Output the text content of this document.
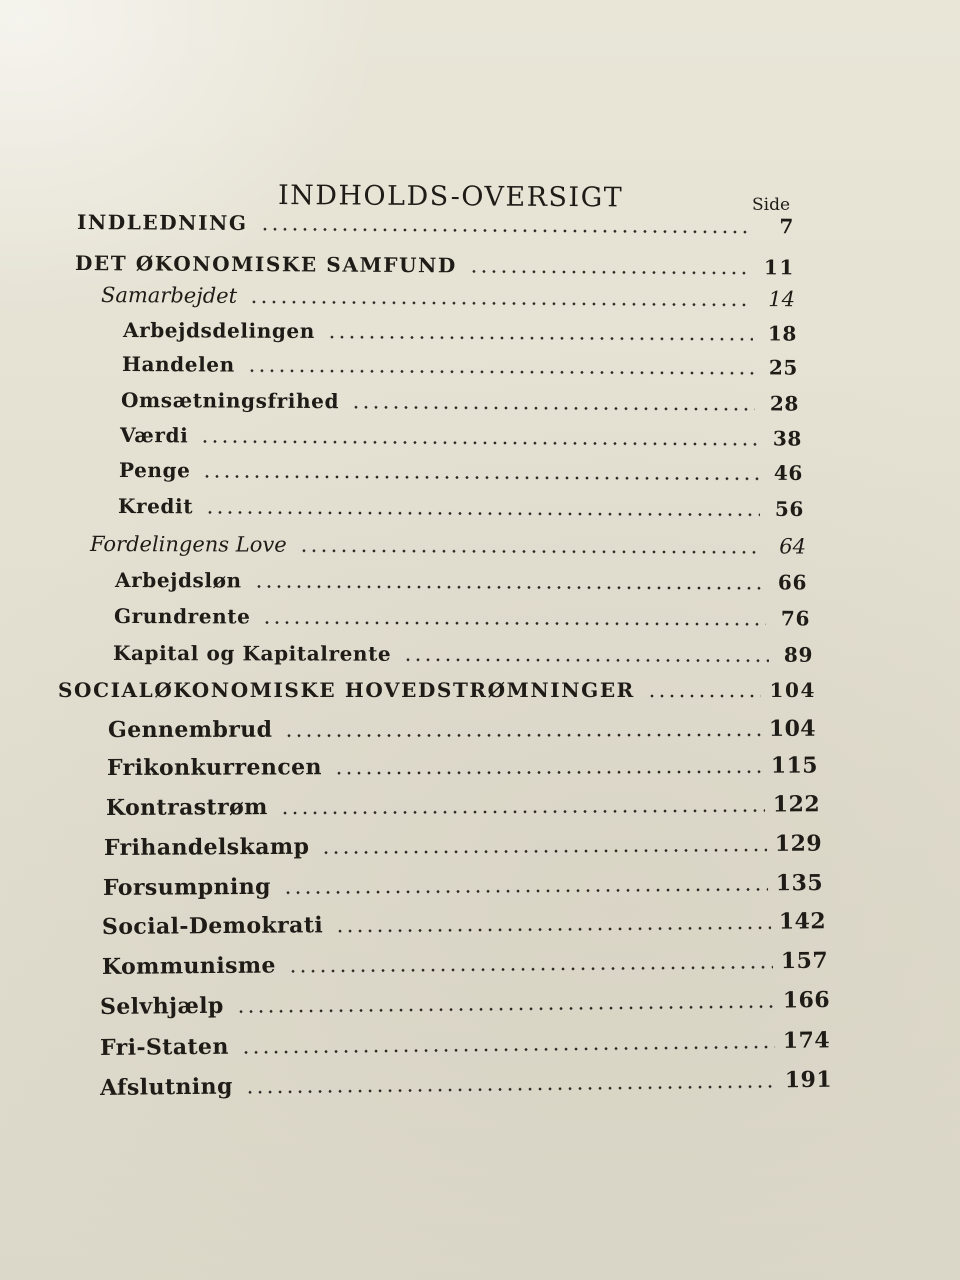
INDHOLDS-OVERSIGT	Side
INDLEDNING	7
DET ØKONOMISKE SAMFUND	11
Samarbejdet	14
Arbejdsdelingen	18
Handelen	25
Omsætningsfrihed	28
Værdi	38
Penge	46
Kredit	56
Fordelingens Love	64
Arbejdsløn	66
Grundrente	76
Kapital og Kapitalrente	89
SOCIALØKONOMISKE HOVEDSTRØMNINGER	104
Gennembrud	104
Frikonkurrencen	115
Kontrastrøm	122
Frihandelskamp	129
Forsumpning	135
Social-Demokrati	142
Kommunisme	157
Selvhjælp	166
Fri-Staten	174
Afslutning	191
